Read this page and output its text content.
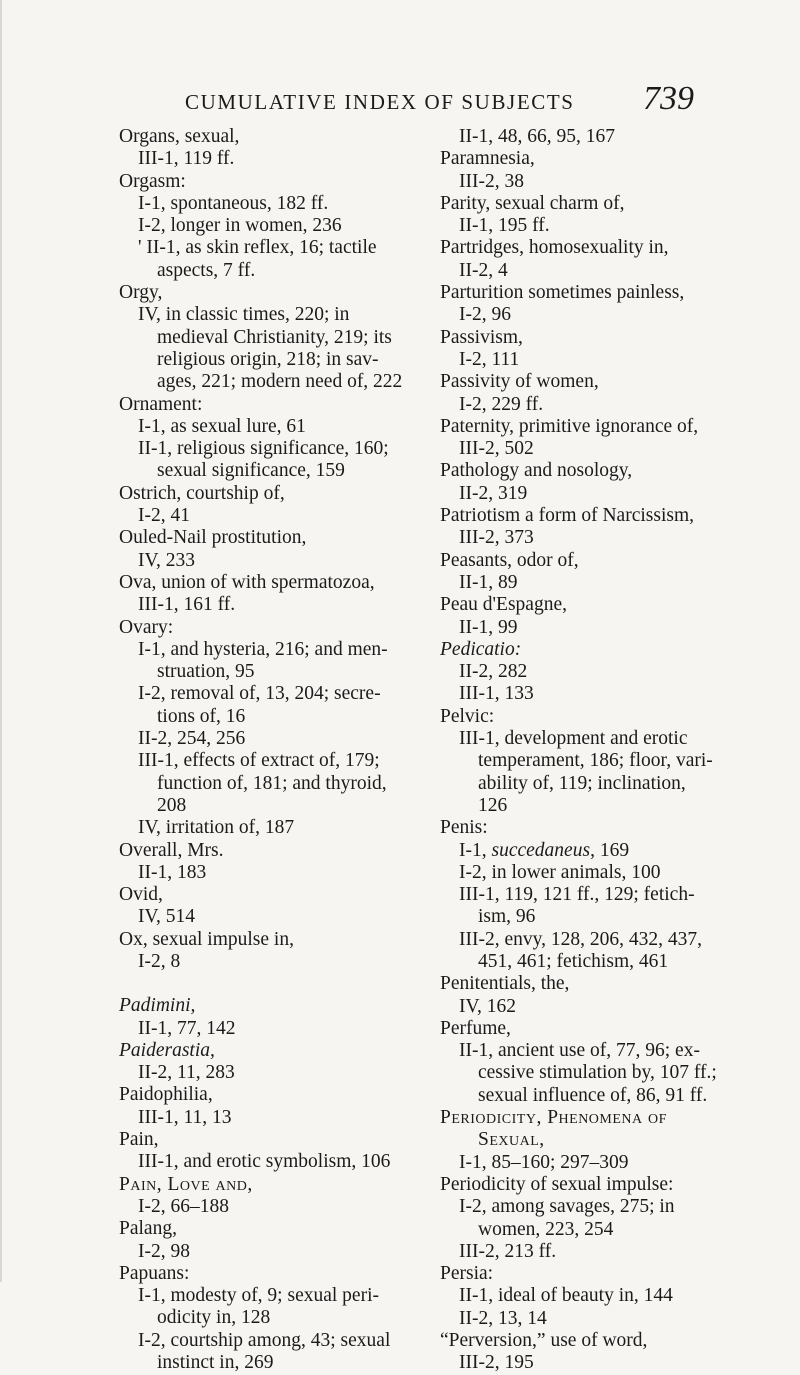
CUMULATIVE INDEX OF SUBJECTS 739
Organs, sexual,
III-1, 119 ff.
Orgasm:
I-1, spontaneous, 182 ff.
I-2, longer in women, 236
' II-1, as skin reflex, 16; tactile
aspects, 7 ff.
Orgy,
IV, in classic times, 220; in
medieval Christianity, 219; its
religious origin, 218; in sav-
ages, 221; modern need of, 222
Ornament:
I-1, as sexual lure, 61
II-1, religious significance, 160;
sexual significance, 159
Ostrich, courtship of,
I-2, 41
Ouled-Nail prostitution,
IV, 233
Ova, union of with spermatozoa,
III-1, 161 ff.
Ovary:
I-1, and hysteria, 216; and men-
struation, 95
I-2, removal of, 13, 204; secre-
tions of, 16
II-2, 254, 256
III-1, effects of extract of, 179;
function of, 181; and thyroid,
208
IV, irritation of, 187
Overall, Mrs.
II-1, 183
Ovid,
IV, 514
Ox, sexual impulse in,
I-2, 8
Padimini,
II-1, 77, 142
Paiderastia,
II-2, 11, 283
Paidophilia,
III-1, 11, 13
Pain,
III-1, and erotic symbolism, 106
Pain, Love and,
I-2, 66–188
Palang,
I-2, 98
Papuans:
I-1, modesty of, 9; sexual peri-
odicity in, 128
I-2, courtship among, 43; sexual
instinct in, 269
II-1, 48, 66, 95, 167
Paramnesia,
III-2, 38
Parity, sexual charm of,
II-1, 195 ff.
Partridges, homosexuality in,
II-2, 4
Parturition sometimes painless,
I-2, 96
Passivism,
I-2, 111
Passivity of women,
I-2, 229 ff.
Paternity, primitive ignorance of,
III-2, 502
Pathology and nosology,
II-2, 319
Patriotism a form of Narcissism,
III-2, 373
Peasants, odor of,
II-1, 89
Peau d'Espagne,
II-1, 99
Pedicatio:
II-2, 282
III-1, 133
Pelvic:
III-1, development and erotic
temperament, 186; floor, vari-
ability of, 119; inclination,
126
Penis:
I-1, succedaneus, 169
I-2, in lower animals, 100
III-1, 119, 121 ff., 129; fetich-
ism, 96
III-2, envy, 128, 206, 432, 437,
451, 461; fetichism, 461
Penitentials, the,
IV, 162
Perfume,
II-1, ancient use of, 77, 96; ex-
cessive stimulation by, 107 ff.;
sexual influence of, 86, 91 ff.
Periodicity, Phenomena of
Sexual,
I-1, 85–160; 297–309
Periodicity of sexual impulse:
I-2, among savages, 275; in
women, 223, 254
III-2, 213 ff.
Persia:
II-1, ideal of beauty in, 144
II-2, 13, 14
“Perversion,” use of word,
III-2, 195
